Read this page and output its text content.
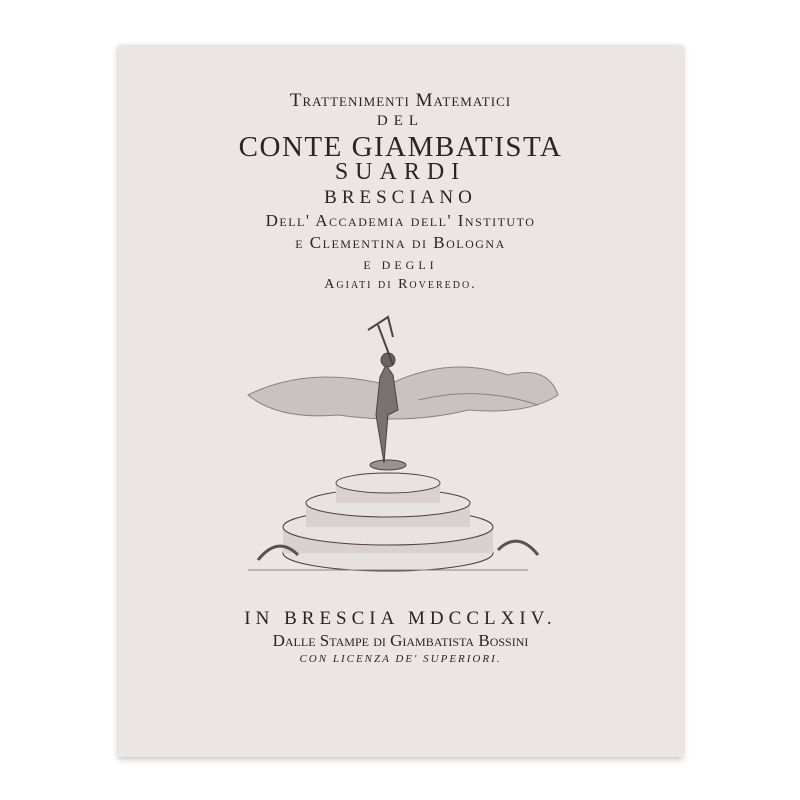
Trattenimenti Matematici
DEL
CONTE GIAMBATISTA
SUARDI
BRESCIANO
Dell' Accademia dell' Instituto
e Clementina di Bologna
E DEGLI
Agiati di Roveredo.
IN BRESCIA MDCCLXIV.
Dalle Stampe di Giambatista Bossini
CON LICENZA DE' SUPERIORI.
